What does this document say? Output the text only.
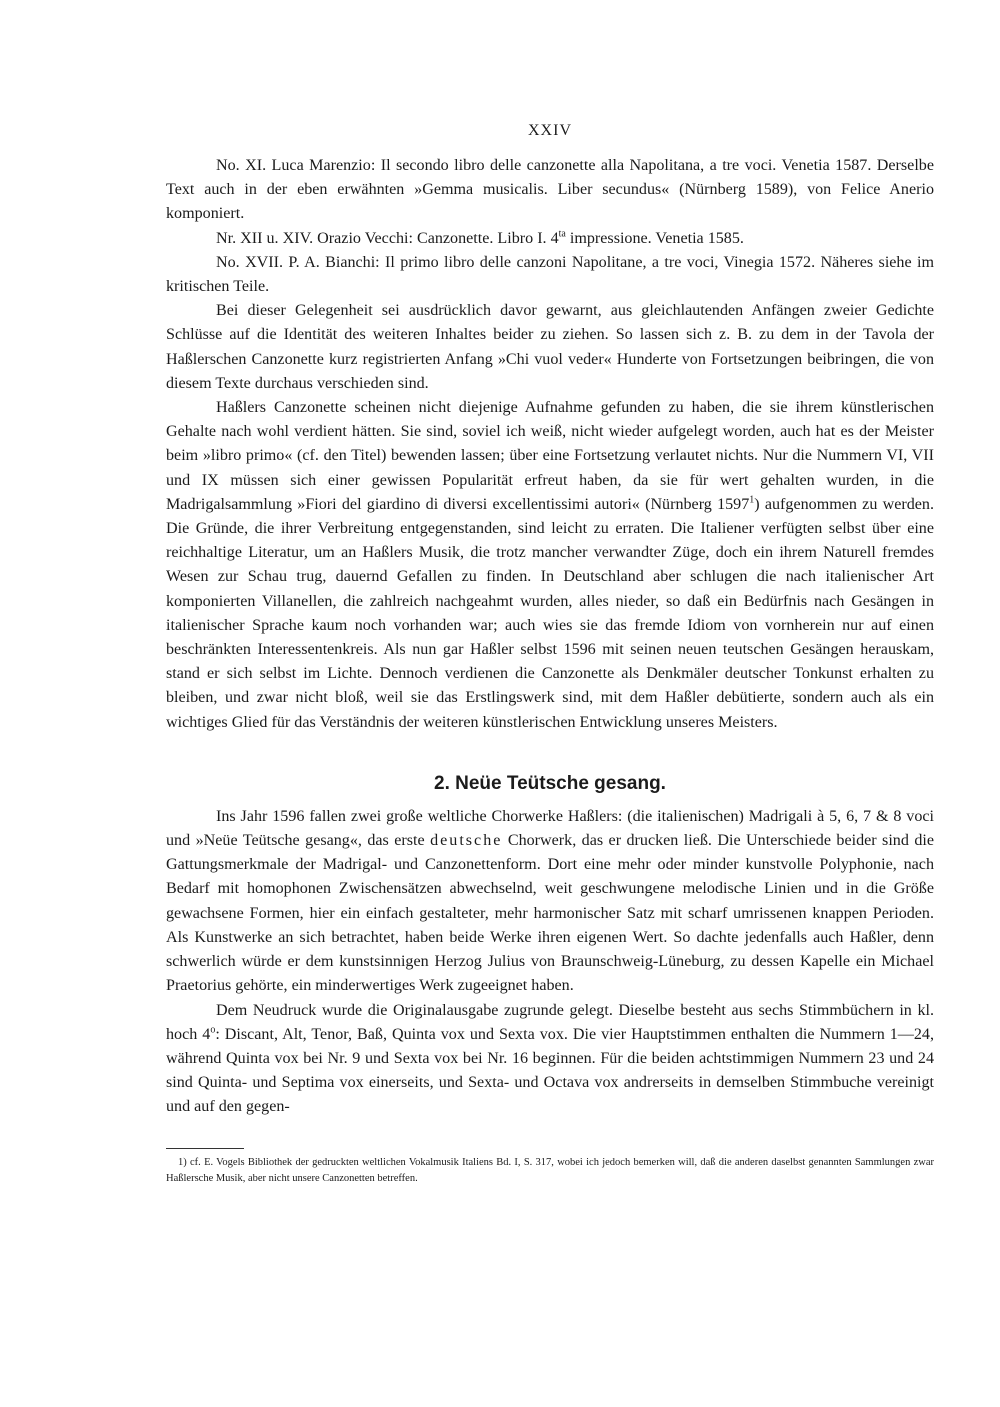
XXIV

No. XI. Luca Marenzio: Il secondo libro delle canzonette alla Napolitana, a tre voci. Venetia 1587. Derselbe Text auch in der eben erwähnten »Gemma musicalis. Liber secundus« (Nürnberg 1589), von Felice Anerio komponiert.

Nr. XII u. XIV. Orazio Vecchi: Canzonette. Libro I. $4^{ta}$ impressione. Venetia 1585.

No. XVII. P. A. Bianchi: Il primo libro delle canzoni Napolitane, a tre voci, Vinegia 1572. Näheres siehe im kritischen Teile.

Bei dieser Gelegenheit sei ausdrücklich davor gewarnt, aus gleichlautenden Anfängen zweier Gedichte Schlüsse auf die Identität des weiteren Inhaltes beider zu ziehen. So lassen sich z. B. zu dem in der Tavola der Haßlerschen Canzonette kurz registrierten Anfang »Chi vuol veder« Hunderte von Fortsetzungen beibringen, die von diesem Texte durchaus verschieden sind.

Haßlers Canzonette scheinen nicht diejenige Aufnahme gefunden zu haben, die sie ihrem künstlerischen Gehalte nach wohl verdient hätten. Sie sind, soviel ich weiß, nicht wieder aufgelegt worden, auch hat es der Meister beim »libro primo« (cf. den Titel) bewenden lassen; über eine Fortsetzung verlautet nichts. Nur die Nummern VI, VII und IX müssen sich einer gewissen Popularität erfreut haben, da sie für wert gehalten wurden, in die Madrigalsammlung »Fiori del giardino di diversi excellentissimi autori« (Nürnberg 1597$^1$) aufgenommen zu werden. Die Gründe, die ihrer Verbreitung entgegenstanden, sind leicht zu erraten. Die Italiener verfügten selbst über eine reichhaltige Literatur, um an Haßlers Musik, die trotz mancher verwandter Züge, doch ein ihrem Naturell fremdes Wesen zur Schau trug, dauernd Gefallen zu finden. In Deutschland aber schlugen die nach italienischer Art komponierten Villanellen, die zahlreich nachgeahmt wurden, alles nieder, so daß ein Bedürfnis nach Gesängen in italienischer Sprache kaum noch vorhanden war; auch wies sie das fremde Idiom von vornherein nur auf einen beschränkten Interessentenkreis. Als nun gar Haßler selbst 1596 mit seinen neuen teutschen Gesängen herauskam, stand er sich selbst im Lichte. Dennoch verdienen die Canzonette als Denkmäler deutscher Tonkunst erhalten zu bleiben, und zwar nicht bloß, weil sie das Erstlingswerk sind, mit dem Haßler debütierte, sondern auch als ein wichtiges Glied für das Verständnis der weiteren künstlerischen Entwicklung unseres Meisters.

2. Neüe Teütsche gesang.

Ins Jahr 1596 fallen zwei große weltliche Chorwerke Haßlers: (die italienischen) Madrigali à 5, 6, 7 & 8 voci und »Neüe Teütsche gesang«, das erste deutsche Chorwerk, das er drucken ließ. Die Unterschiede beider sind die Gattungsmerkmale der Madrigal- und Canzonettenform. Dort eine mehr oder minder kunstvolle Polyphonie, nach Bedarf mit homophonen Zwischensätzen abwechselnd, weit geschwungene melodische Linien und in die Größe gewachsene Formen, hier ein einfach gestalteter, mehr harmonischer Satz mit scharf umrissenen knappen Perioden. Als Kunstwerke an sich betrachtet, haben beide Werke ihren eigenen Wert. So dachte jedenfalls auch Haßler, denn schwerlich würde er dem kunstsinnigen Herzog Julius von Braunschweig-Lüneburg, zu dessen Kapelle ein Michael Praetorius gehörte, ein minderwertiges Werk zugeeignet haben.

Dem Neudruck wurde die Originalausgabe zugrunde gelegt. Dieselbe besteht aus sechs Stimmbüchern in kl. hoch 4$^o$: Discant, Alt, Tenor, Baß, Quinta vox und Sexta vox. Die vier Hauptstimmen enthalten die Nummern 1—24, während Quinta vox bei Nr. 9 und Sexta vox bei Nr. 16 beginnen. Für die beiden achtstimmigen Nummern 23 und 24 sind Quinta- und Septima vox einerseits, und Sexta- und Octava vox andrerseits in demselben Stimmbuche vereinigt und auf den gegen-

1) cf. E. Vogels Bibliothek der gedruckten weltlichen Vokalmusik Italiens Bd. I, S. 317, wobei ich jedoch bemerken will, daß die anderen daselbst genannten Sammlungen zwar Haßlersche Musik, aber nicht unsere Canzonetten betreffen.
